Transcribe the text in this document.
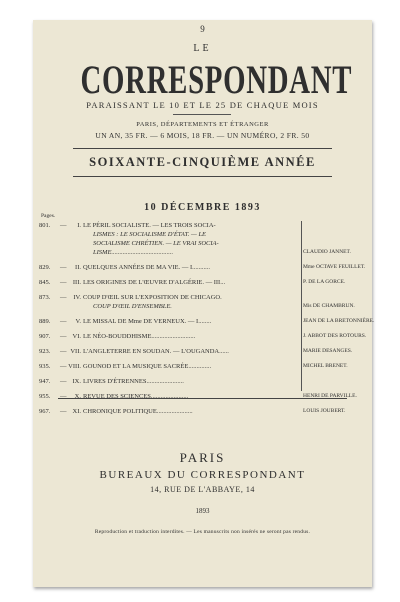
9
LE
CORRESPONDANT
PARAISSANT LE 10 ET LE 25 DE CHAQUE MOIS
PARIS, DÉPARTEMENTS ET ÉTRANGER
UN AN, 35 FR. — 6 MOIS, 18 FR. — UN NUMÉRO, 2 FR. 50
SOIXANTE-CINQUIÈME ANNÉE
10 DÉCEMBRE 1893
Pages.
801.	—	I. LE PÉRIL SOCIALISTE. — LES TROIS SOCIA-
LISMES : LE SOCIALISME D'ÉTAT. — LE
SOCIALISME CHRÉTIEN. — LE VRAI SOCIA-
LISME......................................	CLAUDIO JANNET.
829.	—	II. QUELQUES ANNÉES DE MA VIE. — I...........	Mme OCTAVE FEUILLET.
845.	— III. LES ORIGINES DE L'ŒUVRE D'ALGÉRIE. — III...	P. DE LA GORCE.
873.	—	IV. COUP D'ŒIL SUR L'EXPOSITION DE CHICAGO.
COUP D'ŒIL D'ENSEMBLE.	Mis DE CHAMBRUN.
889.	—	V. LE MISSAL DE Mme DE VERNEUX. — I........	JEAN DE LA BRETONNIÈRE.
907.	— VI. LE NÉO-BOUDDHISME...........................	J. ABBOT DES ROTOURS.
923.	— VII. L'ANGLETERRE EN SOUDAN. — L'OUGANDA......	MARIE DESANGES.
935.	— VIII. GOUNOD ET LA MUSIQUE SACRÉE..............	MICHEL BRENET.
947.	— IX. LIVRES D'ÉTRENNES.......................
955.	—	X. REVUE DES SCIENCES.......................	HENRI DE PARVILLE.
967.	— XI. CHRONIQUE POLITIQUE......................	LOUIS JOUBERT.
PARIS
BUREAUX DU CORRESPONDANT
14, RUE DE L'ABBAYE, 14
1893
Reproduction et traduction interdites. — Les manuscrits non insérés ne seront pas rendus.
